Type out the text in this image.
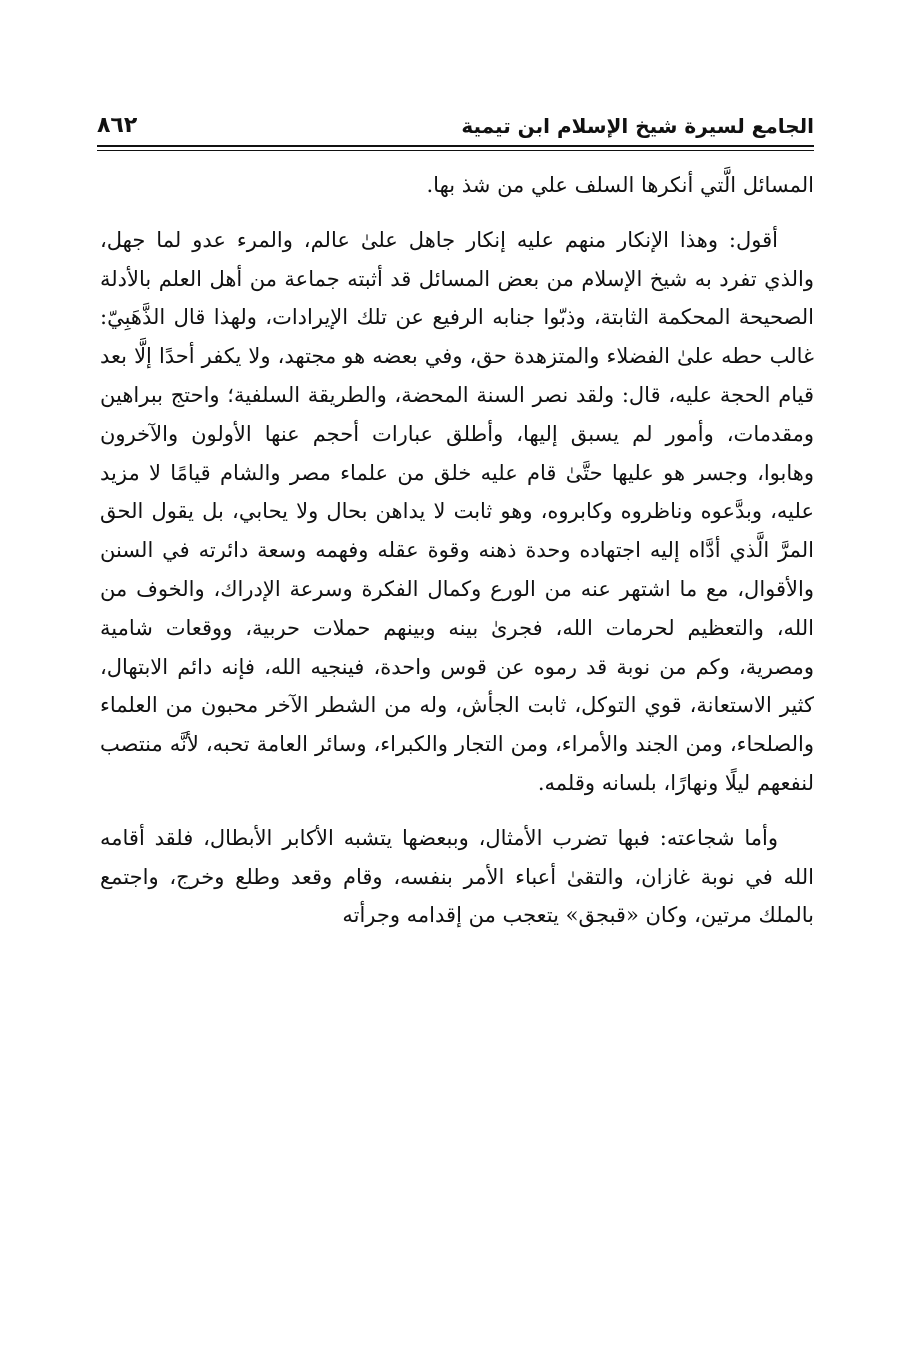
الجامع لسيرة شيخ الإسلام ابن تيمية
٨٦٢

المسائل الَّتي أنكرها السلف علي من شذ بها.

أقول: وهذا الإنكار منهم عليه إنكار جاهل علىٰ عالم، والمرء عدو لما جهل، والذي تفرد به شيخ الإسلام من بعض المسائل قد أثبته جماعة من أهل العلم بالأدلة الصحيحة المحكمة الثابتة، وذبّوا جنابه الرفيع عن تلك الإيرادات، ولهذا قال الذَّهَبِيّ: غالب حطه علىٰ الفضلاء والمتزهدة حق، وفي بعضه هو مجتهد، ولا يكفر أحدًا إلَّا بعد قيام الحجة عليه، قال: ولقد نصر السنة المحضة، والطريقة السلفية؛ واحتج ببراهين ومقدمات، وأمور لم يسبق إليها، وأطلق عبارات أحجم عنها الأولون والآخرون وهابوا، وجسر هو عليها حتَّىٰ قام عليه خلق من علماء مصر والشام قيامًا لا مزيد عليه، وبدَّعوه وناظروه وكابروه، وهو ثابت لا يداهن بحال ولا يحابي، بل يقول الحق المرَّ الَّذي أدَّاه إليه اجتهاده وحدة ذهنه وقوة عقله وفهمه وسعة دائرته في السنن والأقوال، مع ما اشتهر عنه من الورع وكمال الفكرة وسرعة الإدراك، والخوف من الله، والتعظيم لحرمات الله، فجرىٰ بينه وبينهم حملات حربية، ووقعات شامية ومصرية، وكم من نوبة قد رموه عن قوس واحدة، فينجيه الله، فإنه دائم الابتهال، كثير الاستعانة، قوي التوكل، ثابت الجأش، وله من الشطر الآخر محبون من العلماء والصلحاء، ومن الجند والأمراء، ومن التجار والكبراء، وسائر العامة تحبه، لأنَّه منتصب لنفعهم ليلًا ونهارًا، بلسانه وقلمه.

وأما شجاعته: فبها تضرب الأمثال، وببعضها يتشبه الأكابر الأبطال، فلقد أقامه الله في نوبة غازان، والتقىٰ أعباء الأمر بنفسه، وقام وقعد وطلع وخرج، واجتمع بالملك مرتين، وكان «قبجق» يتعجب من إقدامه وجرأته
